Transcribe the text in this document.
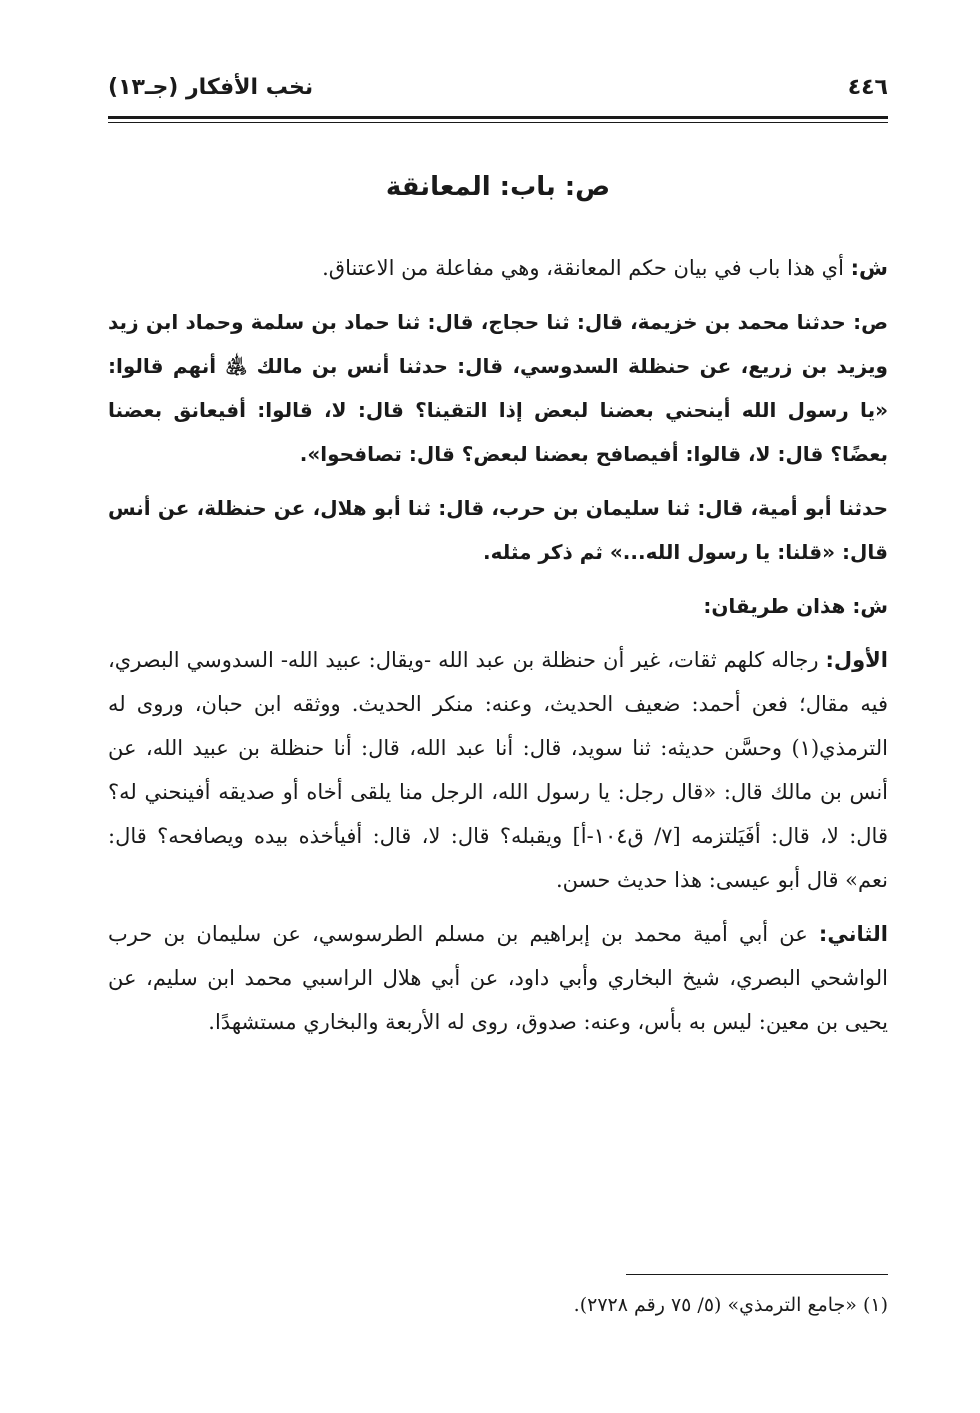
٤٤٦
نخب الأفكار (جـ١٣)
ص: باب: المعانقة

ش: أي هذا باب في بيان حكم المعانقة، وهي مفاعلة من الاعتناق.

ص: حدثنا محمد بن خزيمة، قال: ثنا حجاج، قال: ثنا حماد بن سلمة وحماد ابن زيد ويزيد بن زريع، عن حنظلة السدوسي، قال: حدثنا أنس بن مالك ﵁ أنهم قالوا: «يا رسول الله أينحني بعضنا لبعض إذا التقينا؟ قال: لا، قالوا: أفيعانق بعضنا بعضًا؟ قال: لا، قالوا: أفيصافح بعضنا لبعض؟ قال: تصافحوا».

حدثنا أبو أمية، قال: ثنا سليمان بن حرب، قال: ثنا أبو هلال، عن حنظلة، عن أنس قال: «قلنا: يا رسول الله...» ثم ذكر مثله.

ش: هذان طريقان:

الأول: رجاله كلهم ثقات، غير أن حنظلة بن عبد الله -ويقال: عبيد الله- السدوسي البصري، فيه مقال؛ فعن أحمد: ضعيف الحديث، وعنه: منكر الحديث. ووثقه ابن حبان، وروى له الترمذي(١) وحسَّن حديثه: ثنا سويد، قال: أنا عبد الله، قال: أنا حنظلة بن عبيد الله، عن أنس بن مالك قال: «قال رجل: يا رسول الله، الرجل منا يلقى أخاه أو صديقه أفينحني له؟ قال: لا، قال: أفَيَلتزمه [٧/ ق١٠٤-أ] ويقبله؟ قال: لا، قال: أفيأخذه بيده ويصافحه؟ قال: نعم» قال أبو عيسى: هذا حديث حسن.

الثاني: عن أبي أمية محمد بن إبراهيم بن مسلم الطرسوسي، عن سليمان بن حرب الواشحي البصري، شيخ البخاري وأبي داود، عن أبي هلال الراسبي محمد ابن سليم، عن يحيى بن معين: ليس به بأس، وعنه: صدوق، روى له الأربعة والبخاري مستشهدًا.

(١) «جامع الترمذي» (٥/ ٧٥ رقم ٢٧٢٨).
